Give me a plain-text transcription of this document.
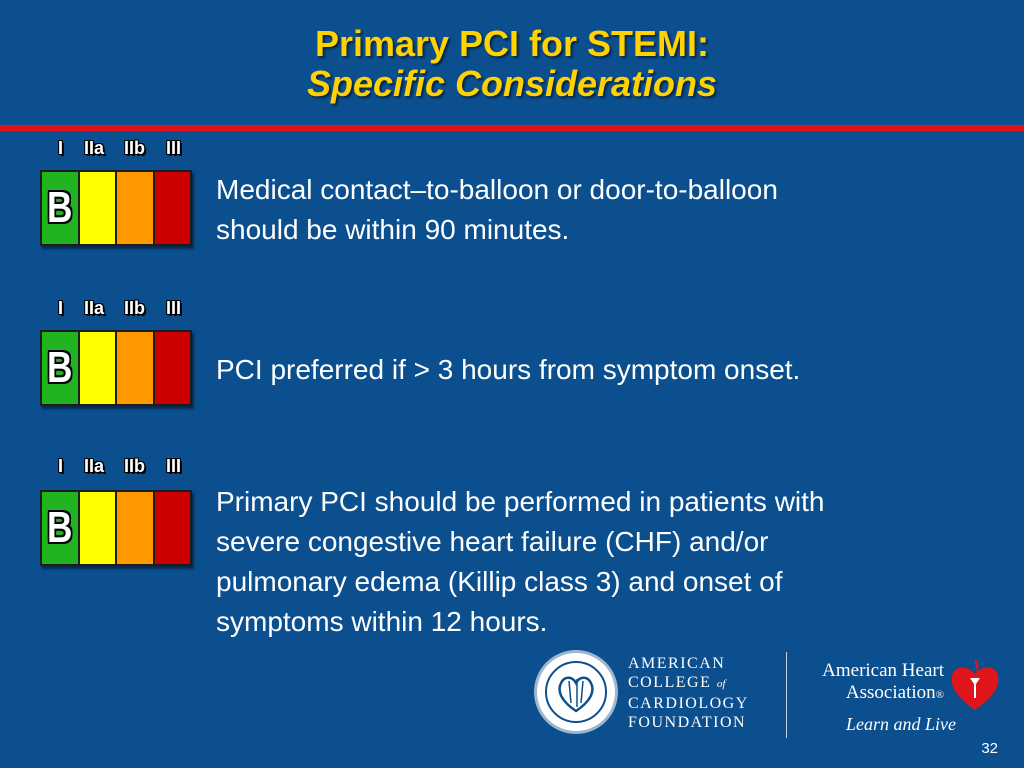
Primary PCI for STEMI:
Specific Considerations
I IIa IIb III
B	Medical contact–to-balloon or door-to-balloon
should be within 90 minutes.
I IIa IIb III
B	PCI preferred if > 3 hours from symptom onset.
I IIa IIb III
B
Primary PCI should be performed in patients with
severe congestive heart failure (CHF) and/or
pulmonary edema (Killip class 3) and onset of
symptoms within 12 hours.
AMERICAN
COLLEGE of
CARDIOLOGY
FOUNDATION
American Heart
Association®
Learn and Live
32
